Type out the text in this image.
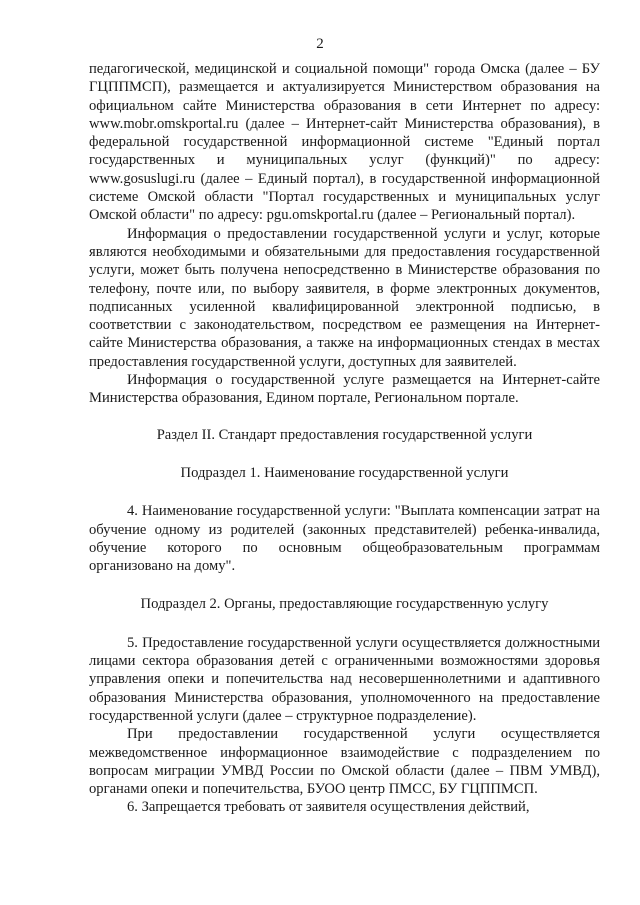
2

педагогической, медицинской и социальной помощи" города Омска (далее – БУ ГЦППМСП), размещается и актуализируется Министерством образования на официальном сайте Министерства образования в сети Интернет по адресу: www.mobr.omskportal.ru (далее – Интернет-сайт Министерства образования), в федеральной государственной информационной системе "Единый портал государственных и муниципальных услуг (функций)" по адресу: www.gosuslugi.ru (далее – Единый портал), в государственной информационной системе Омской области "Портал государственных и муниципальных услуг Омской области" по адресу: pgu.omskportal.ru (далее – Региональный портал).

Информация о предоставлении государственной услуги и услуг, которые являются необходимыми и обязательными для предоставления государственной услуги, может быть получена непосредственно в Министерстве образования по телефону, почте или, по выбору заявителя, в форме электронных документов, подписанных усиленной квалифицированной электронной подписью, в соответствии с законодательством, посредством ее размещения на Интернет-сайте Министерства образования, а также на информационных стендах в местах предоставления государственной услуги, доступных для заявителей.

Информация о государственной услуге размещается на Интернет-сайте Министерства образования, Едином портале, Региональном портале.

Раздел II. Стандарт предоставления государственной услуги

Подраздел 1. Наименование государственной услуги

4. Наименование государственной услуги: "Выплата компенсации затрат на обучение одному из родителей (законных представителей) ребенка-инвалида, обучение которого по основным общеобразовательным программам организовано на дому".

Подраздел 2. Органы, предоставляющие государственную услугу

5. Предоставление государственной услуги осуществляется должностными лицами сектора образования детей с ограниченными возможностями здоровья управления опеки и попечительства над несовершеннолетними и адаптивного образования Министерства образования, уполномоченного на предоставление государственной услуги (далее – структурное подразделение).

При предоставлении государственной услуги осуществляется межведомственное информационное взаимодействие с подразделением по вопросам миграции УМВД России по Омской области (далее – ПВМ УМВД), органами опеки и попечительства, БУОО центр ПМСС, БУ ГЦППМСП.

6. Запрещается требовать от заявителя осуществления действий,
